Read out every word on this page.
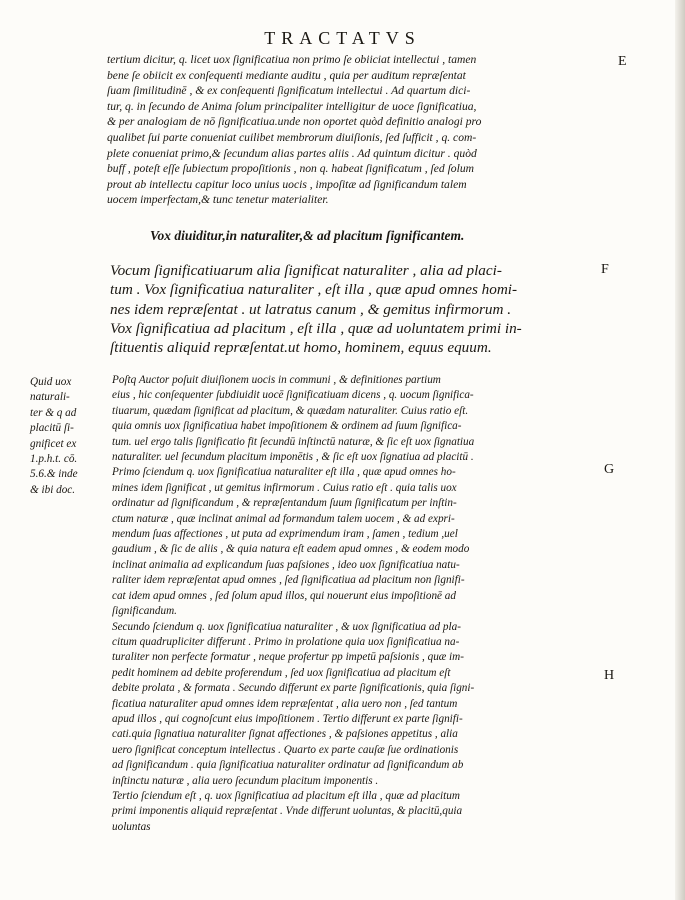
TRACTATVS
E
F
G
H

tertium dicitur, q. licet uox ſignificatiua non primo ſe obiiciat intellectui , tamen

bene ſe obiicit ex conſequenti mediante auditu , quia per auditum repræſentat

ſuam ſimilitudinē , & ex conſequenti ſignificatum intellectui . Ad quartum dici-

tur, q. in ſecundo de Anima ſolum principaliter intelligitur de uoce ſignificatiua,

& per analogiam de nō ſignificatiua.unde non oportet quòd definitio analogi pro

qualibet ſui parte conueniat cuilibet membrorum diuiſionis, ſed ſufficit , q. com-

plete conueniat primo,& ſecundum alias partes aliis . Ad quintum dicitur . quòd

buff , poteſt eſſe ſubiectum propoſitionis , non q. habeat ſignificatum , ſed ſolum

prout ab intellectu capitur loco unius uocis , impoſitæ ad ſignificandum talem

uocem imperfectam,& tunc tenetur materialiter.

Vox diuiditur,in naturaliter,& ad placitum ſignificantem.

Vocum ſignificatiuarum alia ſignificat naturaliter , alia ad placi-

tum . Vox ſignificatiua naturaliter , eſt illa , quæ apud omnes homi-

nes idem repræſentat . ut latratus canum , & gemitus infirmorum .

Vox ſignificatiua ad placitum , eſt illa , quæ ad uoluntatem primi in-

ſtituentis aliquid repræſentat.ut homo, hominem, equus equum.

Quid uox

naturali-

ter & q ad

placitū ſi-

gnificet ex

1.p.h.t. cō.

5.6.& inde

& ibi doc.

Poſtq Auctor poſuit diuiſionem uocis in communi , & definitiones partium

eius , hic conſequenter ſubdiuidit uocē ſignificatiuam dicens , q. uocum ſignifica-

tiuarum, quædam ſignificat ad placitum, & quædam naturaliter. Cuius ratio eſt.

quia omnis uox ſignificatiua habet impoſitionem & ordinem ad ſuum ſignifica-

tum. uel ergo talis ſignificatio fit ſecundū inſtinctū naturæ, & ſic eſt uox ſignatiua

naturaliter. uel ſecundum placitum imponētis , & ſic eſt uox ſignatiua ad placitū .

Primo ſciendum q. uox ſignificatiua naturaliter eſt illa , quæ apud omnes ho-

mines idem ſignificat , ut gemitus infirmorum . Cuius ratio eſt . quia talis uox

ordinatur ad ſignificandum , & repræſentandum ſuum ſignificatum per inſtin-

ctum naturæ , quæ inclinat animal ad formandum talem uocem , & ad expri-

mendum ſuas affectiones , ut puta ad exprimendum iram , ſamen , tedium ,uel

gaudium , & ſic de aliis , & quia natura eſt eadem apud omnes , & eodem modo

inclinat animalia ad explicandum ſuas paſsiones , ideo uox ſignificatiua natu-

raliter idem repræſentat apud omnes , ſed ſignificatiua ad placitum non ſignifi-

cat idem apud omnes , ſed ſolum apud illos, qui nouerunt eius impoſitionē ad

ſignificandum.

Secundo ſciendum q. uox ſignificatiua naturaliter , & uox ſignificatiua ad pla-

citum quadrupliciter differunt . Primo in prolatione quia uox ſignificatiua na-

turaliter non perfecte formatur , neque profertur pp impetū paſsionis , quæ im-

pedit hominem ad debite proferendum , ſed uox ſignificatiua ad placitum eſt

debite prolata , & formata . Secundo differunt ex parte ſignificationis, quia ſigni-

ficatiua naturaliter apud omnes idem repræſentat , alia uero non , ſed tantum

apud illos , qui cognoſcunt eius impoſitionem . Tertio differunt ex parte ſignifi-

cati.quia ſignatiua naturaliter ſignat affectiones , & paſsiones appetitus , alia

uero ſignificat conceptum intellectus . Quarto ex parte cauſæ ſue ordinationis

ad ſignificandum . quia ſignificatiua naturaliter ordinatur ad ſignificandum ab

inſtinctu naturæ , alia uero ſecundum placitum imponentis .

Tertio ſciendum eſt , q. uox ſignificatiua ad placitum eſt illa , quæ ad placitum

primi imponentis aliquid repræſentat . Vnde differunt uoluntas, & placitū,quia

uoluntas
